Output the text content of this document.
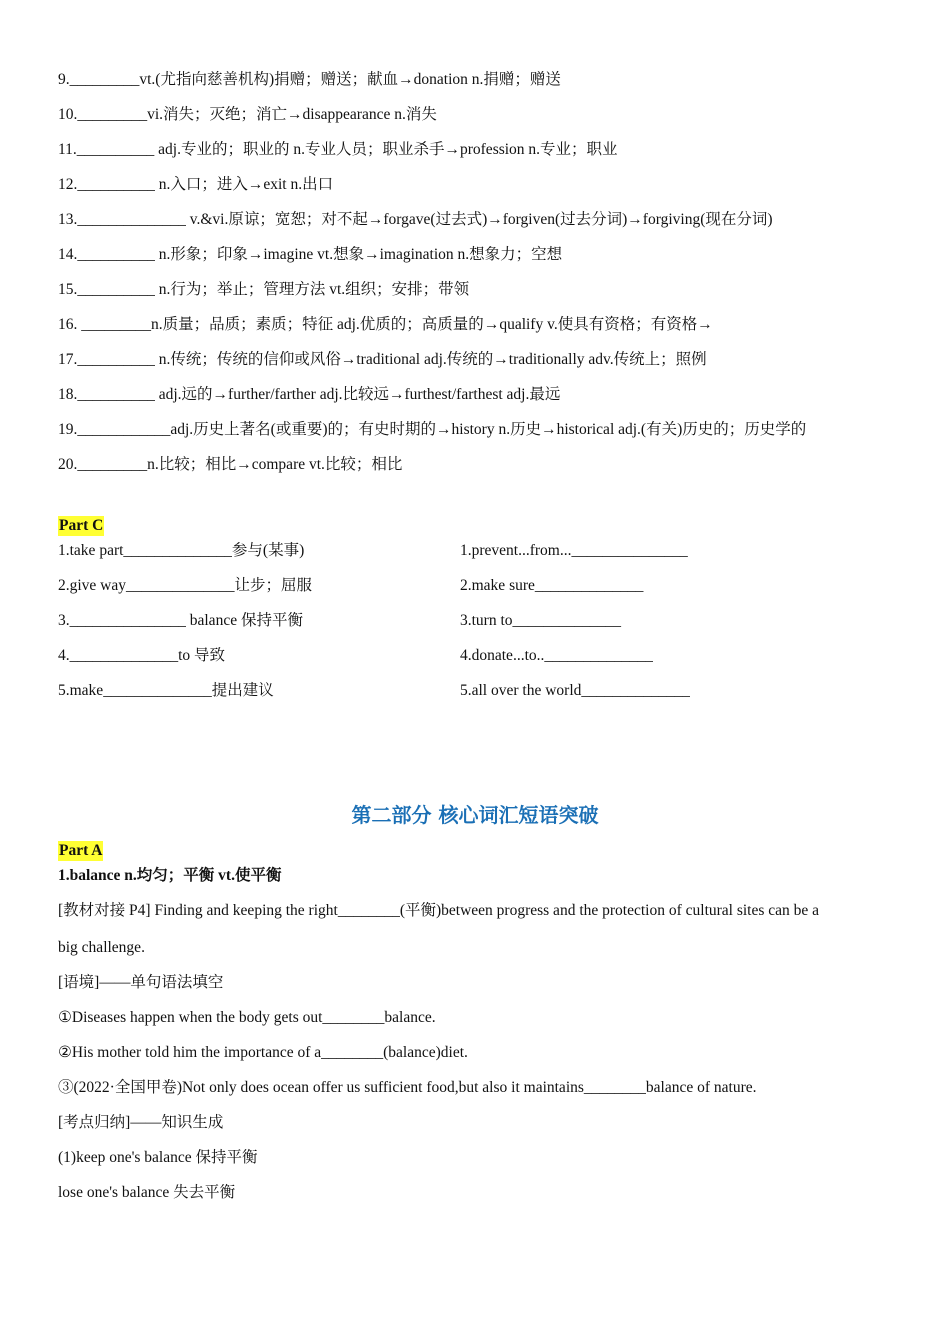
9._________vt.(尤指向慈善机构)捐赠；赠送；献血→donation n.捐赠；赠送
10._________vi.消失；灭绝；消亡→disappearance n.消失
11.__________ adj.专业的；职业的 n.专业人员；职业杀手→profession n.专业；职业
12.__________ n.入口；进入→exit n.出口
13.______________ v.&vi.原谅；宽恕；对不起→forgave(过去式)→forgiven(过去分词)→forgiving(现在分词)
14.__________ n.形象；印象→imagine vt.想象→imagination n.想象力；空想
15.__________ n.行为；举止；管理方法 vt.组织；安排；带领
16. _________n.质量；品质；素质；特征 adj.优质的；高质量的→qualify v.使具有资格；有资格→
17.__________ n.传统；传统的信仰或风俗→traditional adj.传统的→traditionally adv.传统上；照例
18.__________ adj.远的→further/farther adj.比较远→furthest/farthest adj.最远
19.____________adj.历史上著名(或重要)的；有史时期的→history n.历史→historical adj.(有关)历史的；历史学的
20._________n.比较；相比→compare vt.比较；相比
Part C
1.take part______________参与(某事)
2.give way______________让步；屈服
3._______________ balance 保持平衡
4.______________to 导致
5.make______________提出建议
1.prevent...from..._______________
2.make sure______________
3.turn to______________
4.donate...to..______________
5.all over the world______________
第二部分 核心词汇短语突破
Part A
1.balance n.均匀；平衡 vt.使平衡
[教材对接 P4] Finding and keeping the right________(平衡)between progress and the protection of cultural sites can be a
big challenge.
[语境]——单句语法填空
①Diseases happen when the body gets out________balance.
②His mother told him the importance of a________(balance)diet.
③(2022·全国甲卷)Not only does ocean offer us sufficient food,but also it maintains________balance of nature.
[考点归纳]——知识生成
(1)keep one's balance 保持平衡
lose one's balance 失去平衡
